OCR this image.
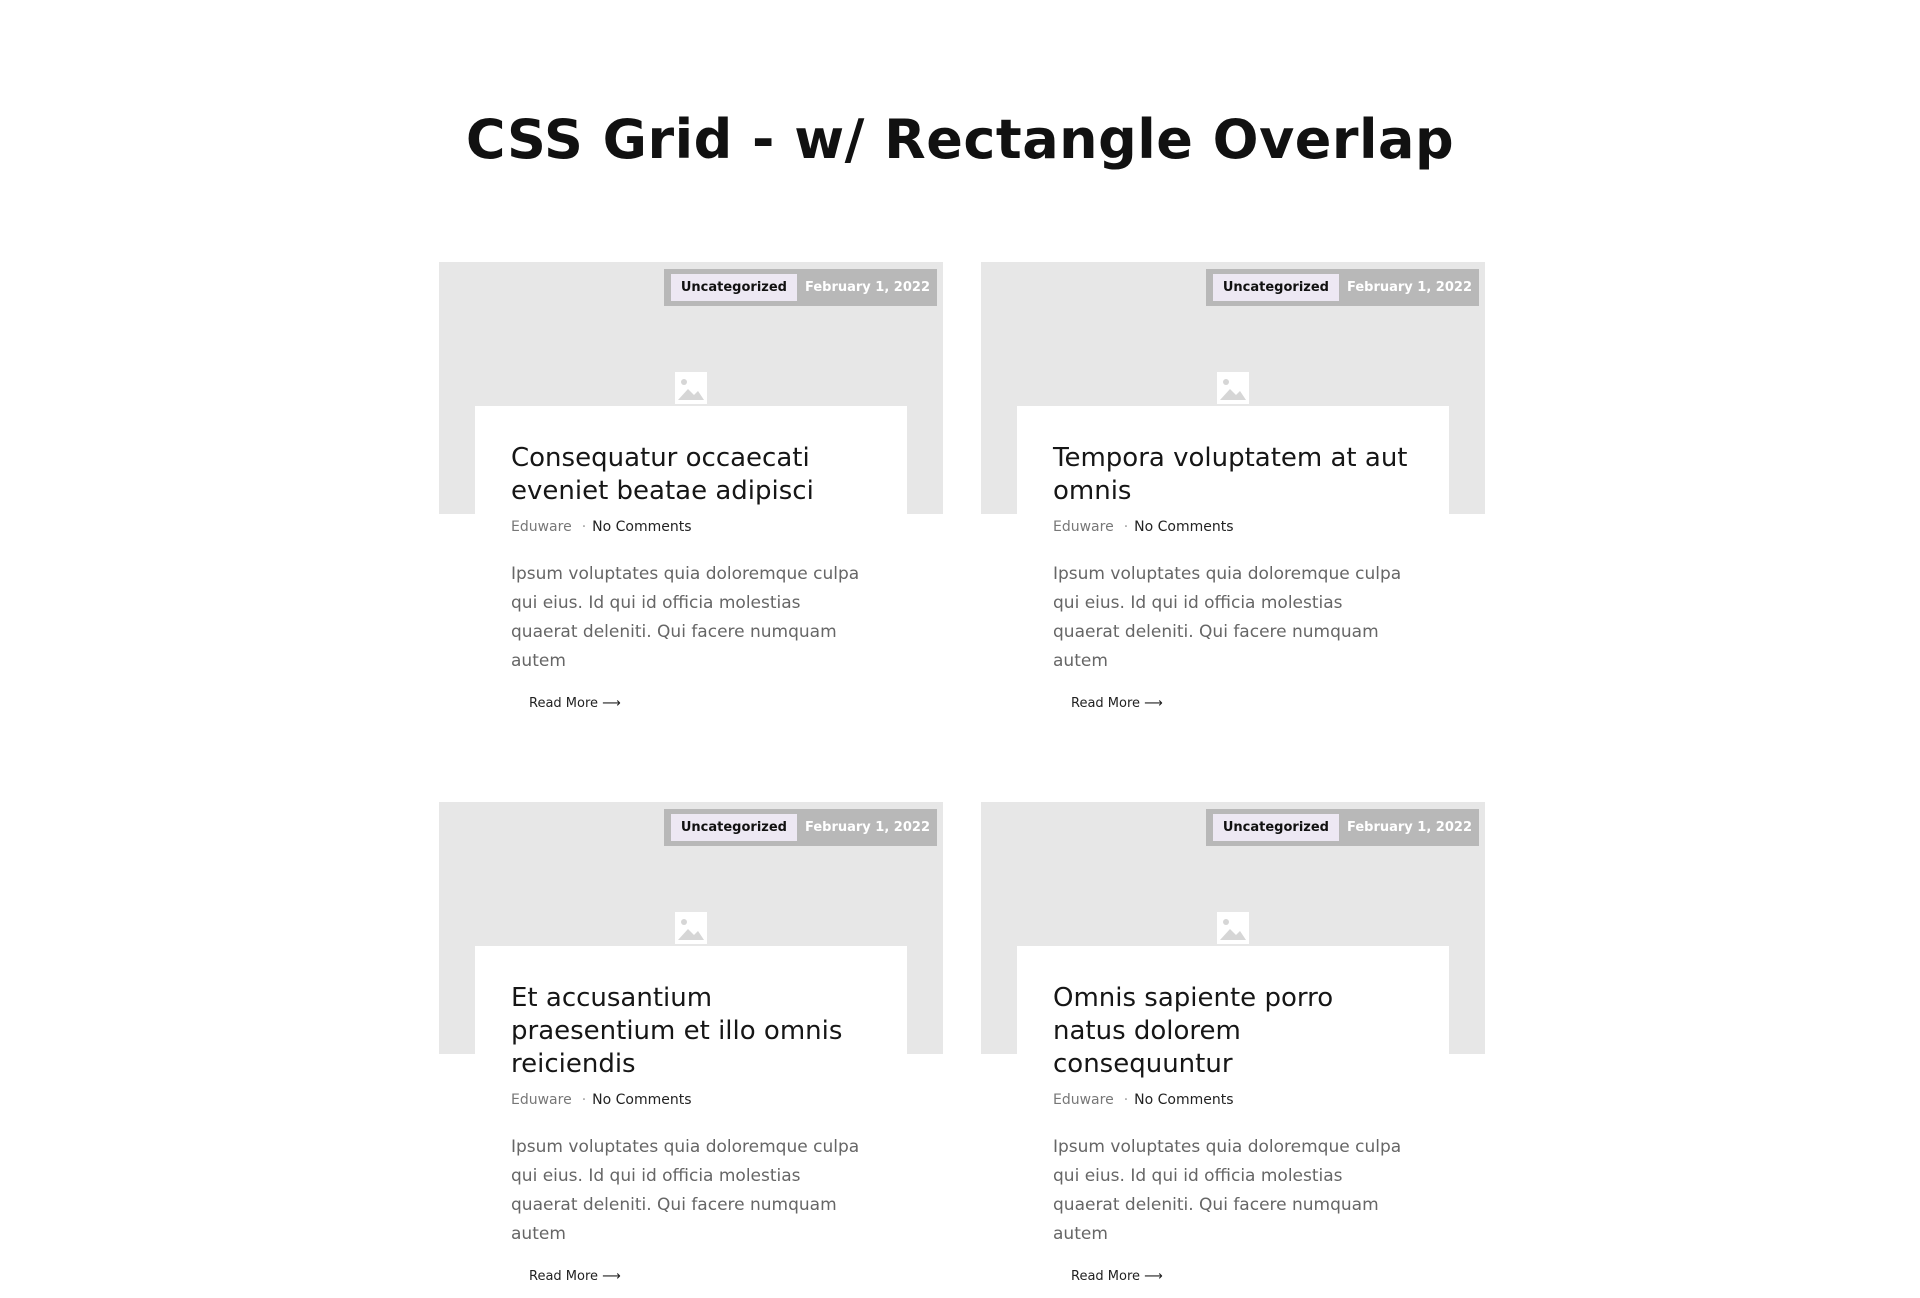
CSS Grid - w/ Rectangle Overlap
Uncategorized	February 1, 2022
Consequatur occaecati eveniet beatae adipisci
Eduware · No Comments
Ipsum voluptates quia doloremque culpa qui eius. Id qui id officia molestias quaerat deleniti. Qui facere numquam autem
Read More ⟶
Uncategorized	February 1, 2022
Tempora voluptatem at aut omnis
Eduware · No Comments
Ipsum voluptates quia doloremque culpa qui eius. Id qui id officia molestias quaerat deleniti. Qui facere numquam autem
Read More ⟶
Uncategorized	February 1, 2022
Et accusantium praesentium et illo omnis reiciendis
Eduware · No Comments
Ipsum voluptates quia doloremque culpa qui eius. Id qui id officia molestias quaerat deleniti. Qui facere numquam autem
Read More ⟶
Uncategorized	February 1, 2022
Omnis sapiente porro natus dolorem consequuntur
Eduware · No Comments
Ipsum voluptates quia doloremque culpa qui eius. Id qui id officia molestias quaerat deleniti. Qui facere numquam autem
Read More ⟶
